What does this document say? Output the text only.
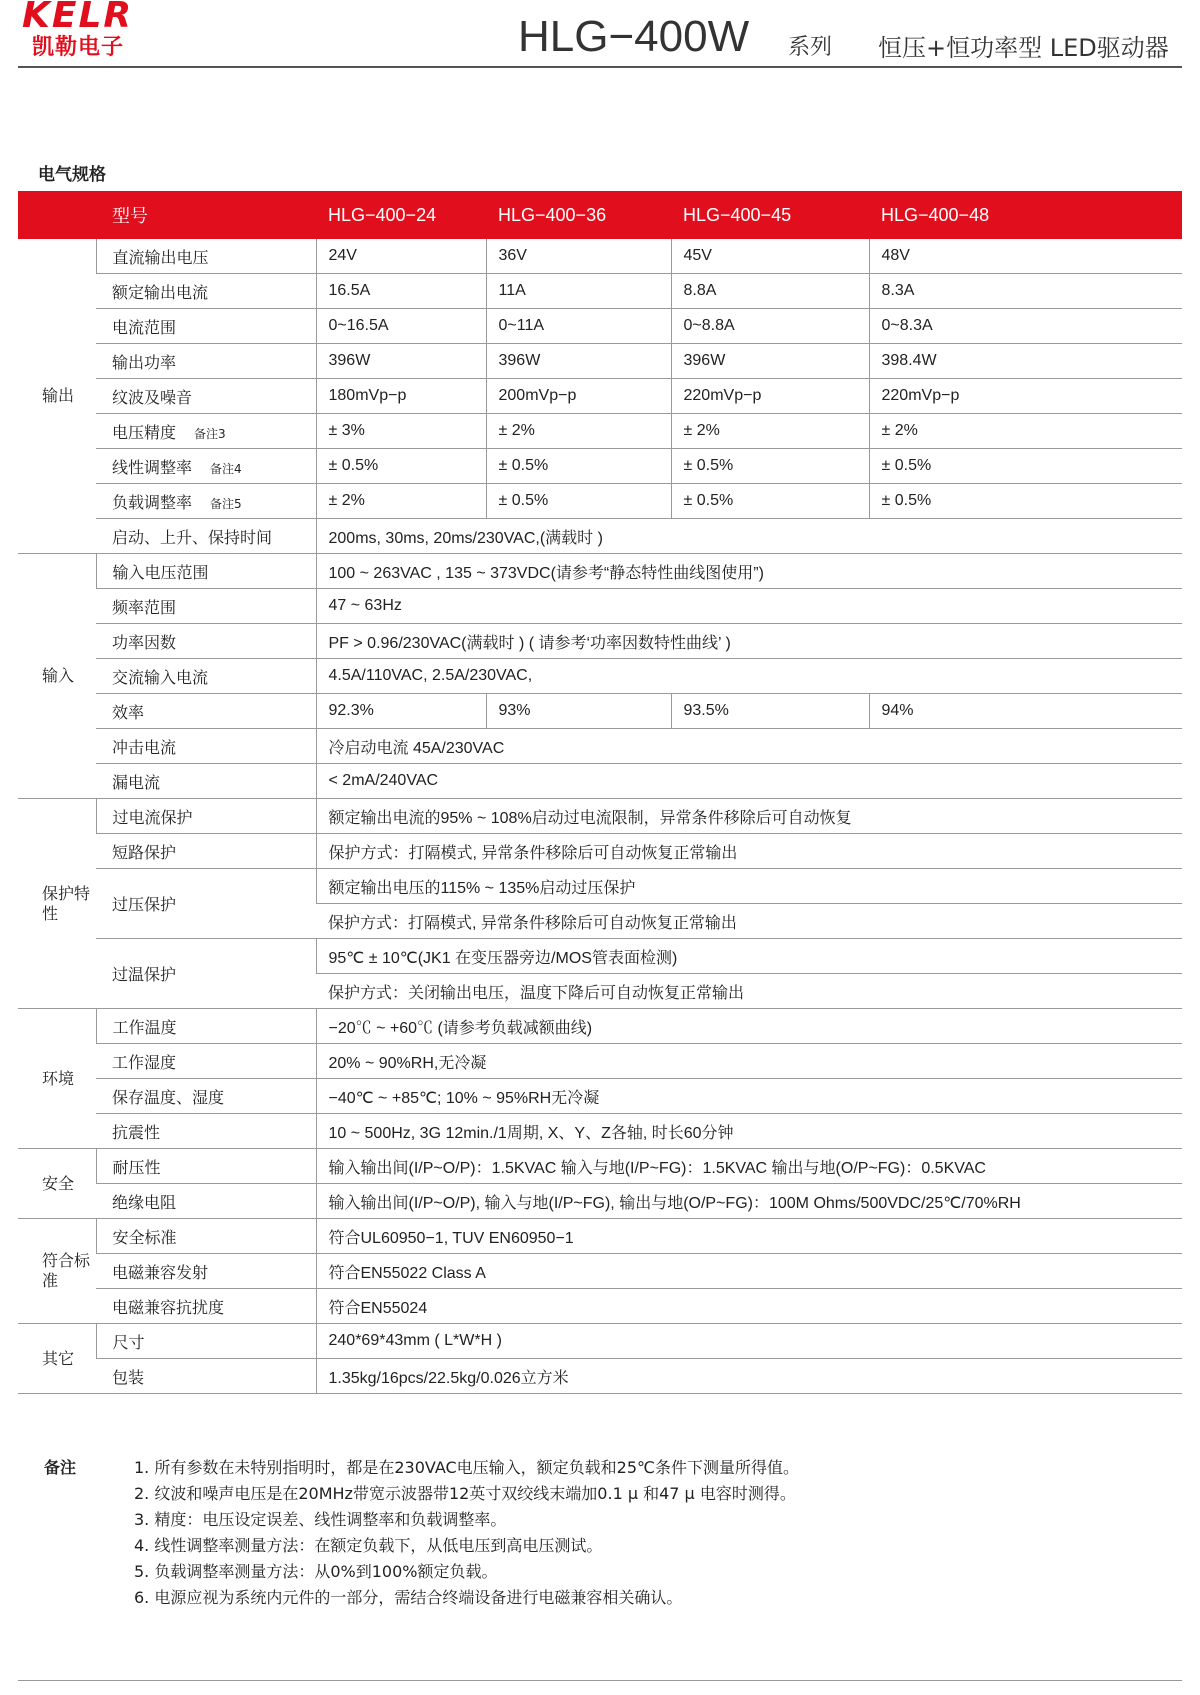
KELR
凯勒电子	HLG−400W 系列 恒压+恒功率型 LED驱动器
电气规格
	型号	HLG−400−24	HLG−400−36	HLG−400−45	HLG−400−48
输出	直流输出电压	24V	36V	45V	48V
	额定输出电流	16.5A	11A	8.8A	8.3A
	电流范围	0~16.5A	0~11A	0~8.8A	0~8.3A
	输出功率	396W	396W	396W	398.4W
	纹波及噪音	180mVp−p	200mVp−p	220mVp−p	220mVp−p
	电压精度 备注3	± 3%	± 2%	± 2%	± 2%
	线性调整率 备注4	± 0.5%	± 0.5%	± 0.5%	± 0.5%
	负载调整率 备注5	± 2%	± 0.5%	± 0.5%	± 0.5%
	启动、上升、保持时间	200ms, 30ms, 20ms/230VAC,(满载时 )			
输入	输入电压范围	100 ~ 263VAC , 135 ~ 373VDC(请参考“静态特性曲线图使用”)			
	频率范围	47 ~ 63Hz			
	功率因数	PF > 0.96/230VAC(满载时 ) ( 请参考‘功率因数特性曲线’ )			
	交流输入电流	4.5A/110VAC, 2.5A/230VAC,			
	效率	92.3%	93%	93.5%	94%
	冲击电流	冷启动电流 45A/230VAC			
	漏电流	< 2mA/240VAC			
保护特性	过电流保护	额定输出电流的95% ~ 108%启动过电流限制，异常条件移除后可自动恢复			
	短路保护	保护方式：打隔模式, 异常条件移除后可自动恢复正常输出			
	过压保护	额定输出电压的115% ~ 135%启动过压保护			
		保护方式：打隔模式, 异常条件移除后可自动恢复正常输出			
	过温保护	95℃ ± 10℃(JK1 在变压器旁边/MOS管表面检测)			
		保护方式：关闭输出电压，温度下降后可自动恢复正常输出			
环境	工作温度	−20℃ ~ +60℃ (请参考负载减额曲线)			
	工作湿度	20% ~ 90%RH,无冷凝			
	保存温度、湿度	−40℃ ~ +85℃; 10% ~ 95%RH无冷凝			
	抗震性	10 ~ 500Hz, 3G 12min./1周期, X、Y、Z各轴, 时长60分钟			
安全	耐压性	输入输出间(I/P~O/P)：1.5KVAC 输入与地(I/P~FG)：1.5KVAC 输出与地(O/P~FG)：0.5KVAC			
	绝缘电阻	输入输出间(I/P~O/P), 输入与地(I/P~FG), 输出与地(O/P~FG)：100M Ohms/500VDC/25℃/70%RH			
符合标准	安全标准	符合UL60950−1, TUV EN60950−1			
	电磁兼容发射	符合EN55022 Class A			
	电磁兼容抗扰度	符合EN55024			
其它	尺寸	240*69*43mm ( L*W*H )			
	包装	1.35kg/16pcs/22.5kg/0.026立方米			
备注	1. 所有参数在未特别指明时，都是在230VAC电压输入，额定负载和25℃条件下测量所得值。
2. 纹波和噪声电压是在20MHz带宽示波器带12英寸双绞线末端加0.1 μ 和47 μ 电容时测得。
3. 精度：电压设定误差、线性调整率和负载调整率。
4. 线性调整率测量方法：在额定负载下，从低电压到高电压测试。
5. 负载调整率测量方法：从0%到100%额定负载。
6. 电源应视为系统内元件的一部分，需结合终端设备进行电磁兼容相关确认。
